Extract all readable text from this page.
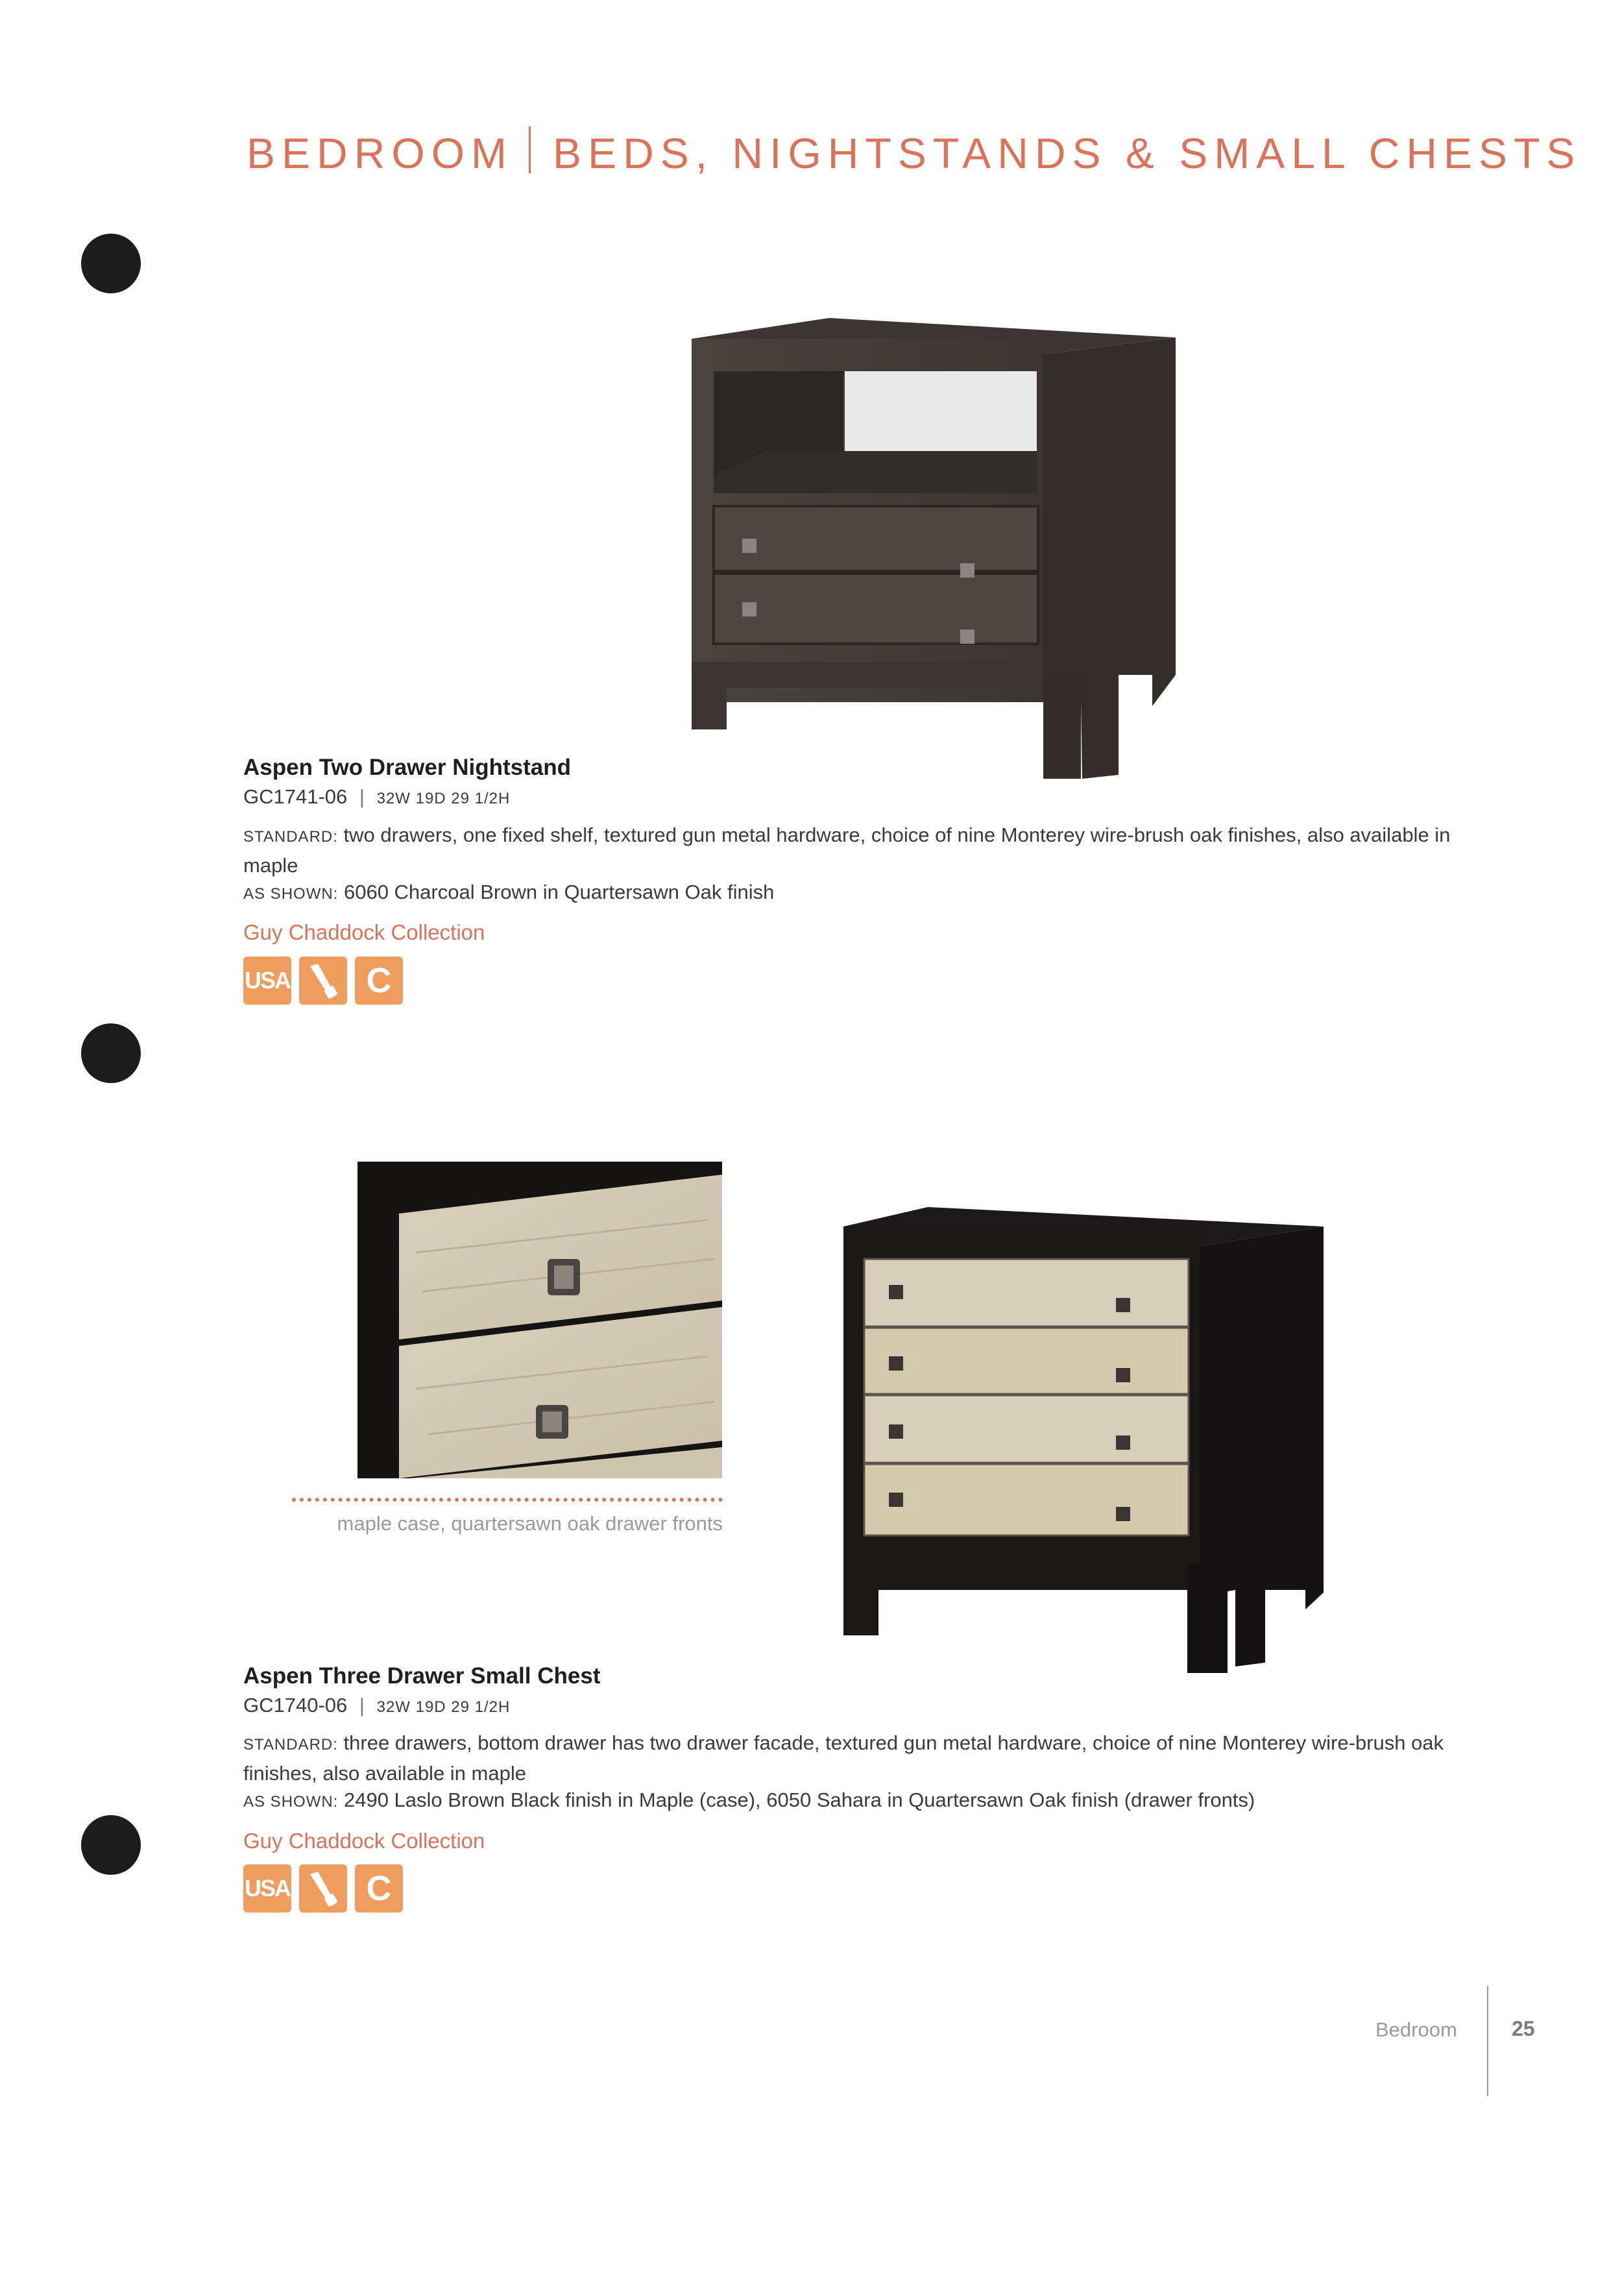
BEDROOM BEDS, NIGHTSTANDS & SMALL CHESTS
Aspen Two Drawer Nightstand
GC1741-06 | 32W 19D 29 1/2H
STANDARD: two drawers, one fixed shelf, textured gun metal hardware, choice of nine Monterey wire-brush oak finishes, also available in maple
AS SHOWN: 6060 Charcoal Brown in Quartersawn Oak finish
Guy Chaddock Collection
USA C
maple case, quartersawn oak drawer fronts
Aspen Three Drawer Small Chest
GC1740-06 | 32W 19D 29 1/2H
STANDARD: three drawers, bottom drawer has two drawer facade, textured gun metal hardware, choice of nine Monterey wire-brush oak finishes, also available in maple
AS SHOWN: 2490 Laslo Brown Black finish in Maple (case), 6050 Sahara in Quartersawn Oak finish (drawer fronts)
Guy Chaddock Collection
USA C
Bedroom	25
